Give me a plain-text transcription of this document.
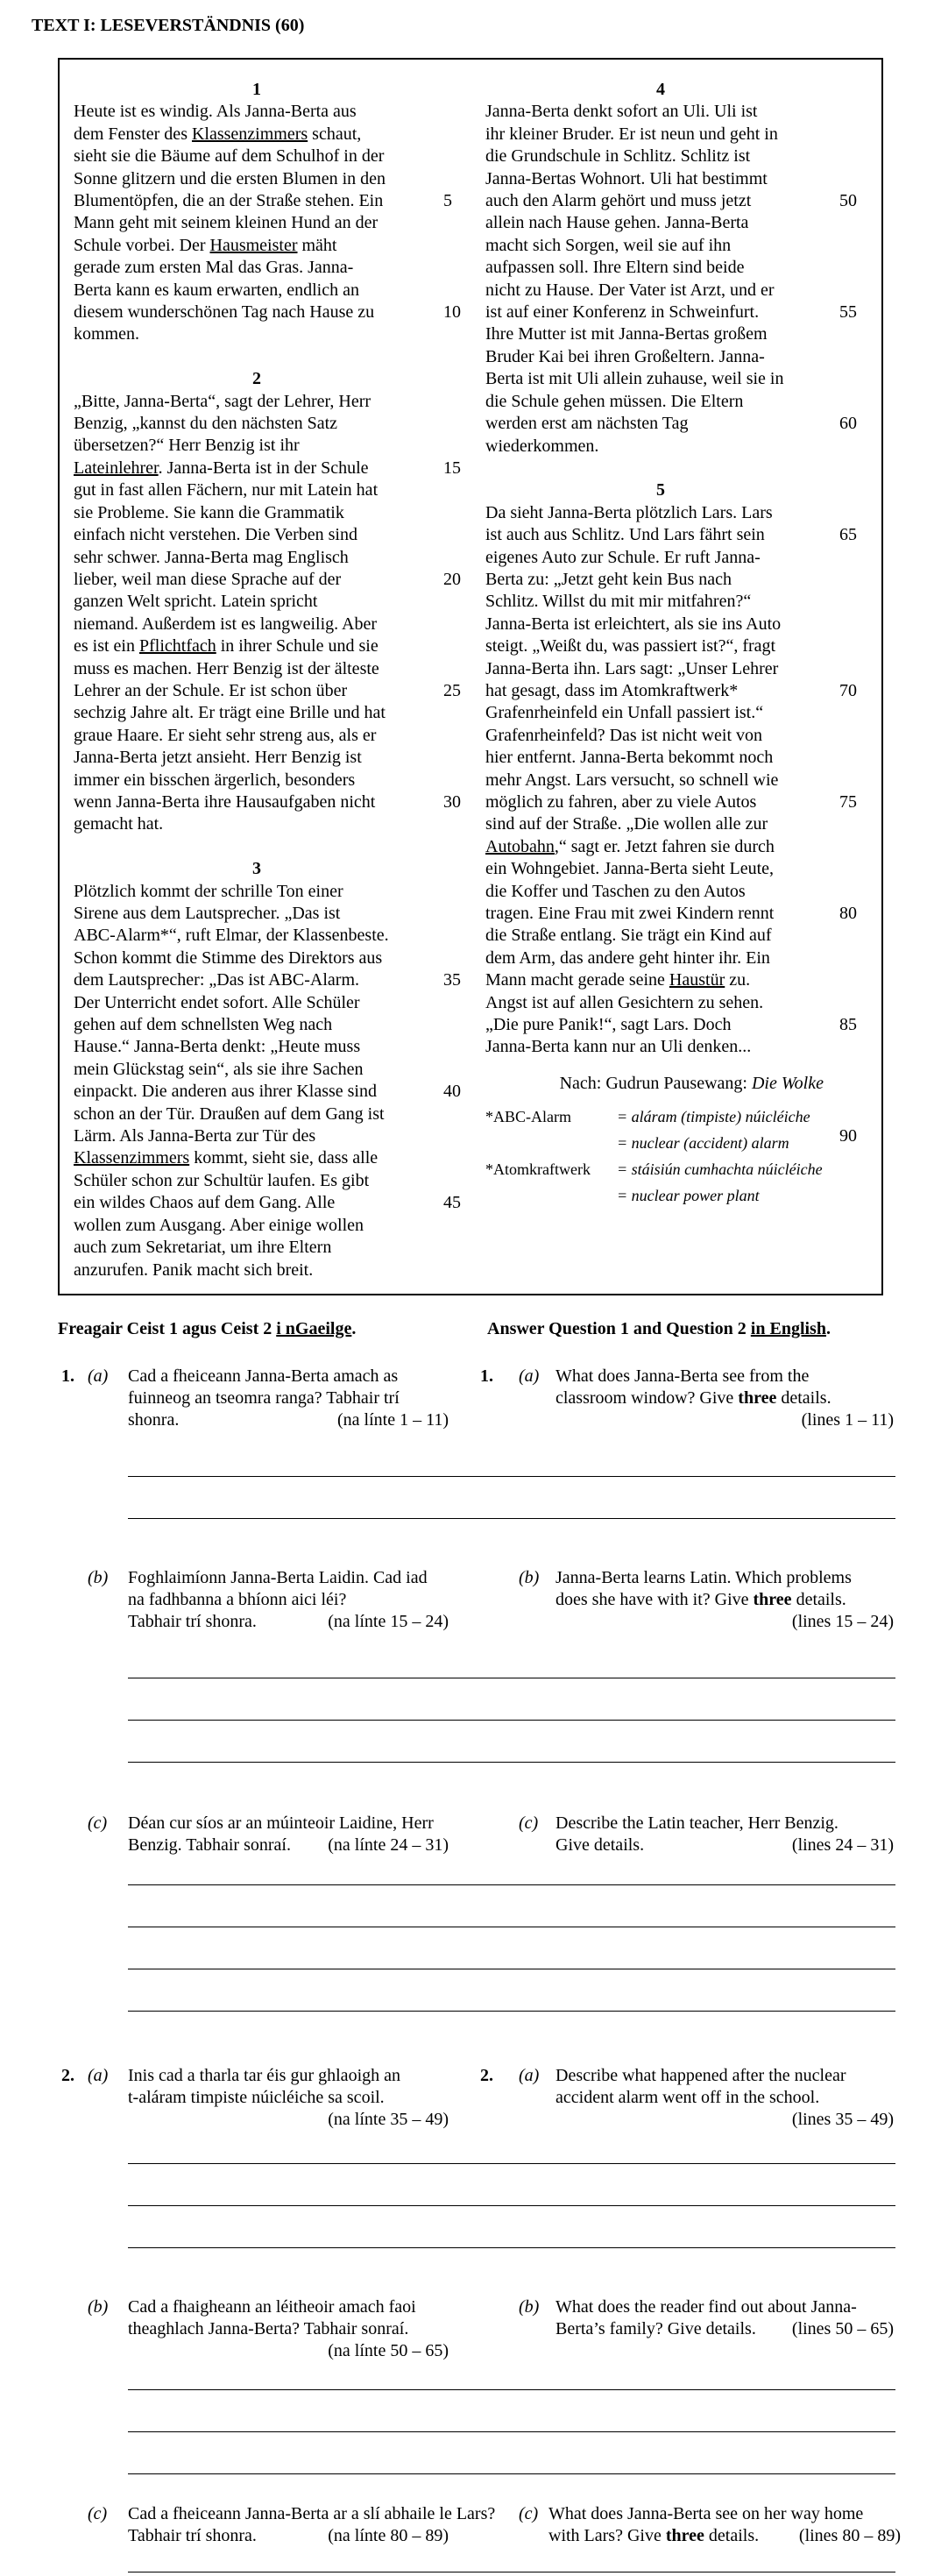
TEXT I: LESEVERSTÄNDNIS (60)
1
Heute ist es windig. Als Janna-Berta aus
dem Fenster des Klassenzimmers schaut,
sieht sie die Bäume auf dem Schulhof in der
Sonne glitzern und die ersten Blumen in den
Blumentöpfen, die an der Straße stehen. Ein
Mann geht mit seinem kleinen Hund an der
Schule vorbei. Der Hausmeister mäht
gerade zum ersten Mal das Gras. Janna-
Berta kann es kaum erwarten, endlich an
diesem wunderschönen Tag nach Hause zu
kommen.
2
„Bitte, Janna-Berta“, sagt der Lehrer, Herr
Benzig, „kannst du den nächsten Satz
übersetzen?“ Herr Benzig ist ihr
Lateinlehrer. Janna-Berta ist in der Schule
gut in fast allen Fächern, nur mit Latein hat
sie Probleme. Sie kann die Grammatik
einfach nicht verstehen. Die Verben sind
sehr schwer. Janna-Berta mag Englisch
lieber, weil man diese Sprache auf der
ganzen Welt spricht. Latein spricht
niemand. Außerdem ist es langweilig. Aber
es ist ein Pflichtfach in ihrer Schule und sie
muss es machen. Herr Benzig ist der älteste
Lehrer an der Schule. Er ist schon über
sechzig Jahre alt. Er trägt eine Brille und hat
graue Haare. Er sieht sehr streng aus, als er
Janna-Berta jetzt ansieht. Herr Benzig ist
immer ein bisschen ärgerlich, besonders
wenn Janna-Berta ihre Hausaufgaben nicht
gemacht hat.
3
Plötzlich kommt der schrille Ton einer
Sirene aus dem Lautsprecher. „Das ist
ABC-Alarm*“, ruft Elmar, der Klassenbeste.
Schon kommt die Stimme des Direktors aus
dem Lautsprecher: „Das ist ABC-Alarm.
Der Unterricht endet sofort. Alle Schüler
gehen auf dem schnellsten Weg nach
Hause.“ Janna-Berta denkt: „Heute muss
mein Glückstag sein“, als sie ihre Sachen
einpackt. Die anderen aus ihrer Klasse sind
schon an der Tür. Draußen auf dem Gang ist
Lärm. Als Janna-Berta zur Tür des
Klassenzimmers kommt, sieht sie, dass alle
Schüler schon zur Schultür laufen. Es gibt
ein wildes Chaos auf dem Gang. Alle
wollen zum Ausgang. Aber einige wollen
auch zum Sekretariat, um ihre Eltern
anzurufen. Panik macht sich breit.
4
Janna-Berta denkt sofort an Uli. Uli ist
ihr kleiner Bruder. Er ist neun und geht in
die Grundschule in Schlitz. Schlitz ist
Janna-Bertas Wohnort. Uli hat bestimmt
auch den Alarm gehört und muss jetzt
allein nach Hause gehen. Janna-Berta
macht sich Sorgen, weil sie auf ihn
aufpassen soll. Ihre Eltern sind beide
nicht zu Hause. Der Vater ist Arzt, und er
ist auf einer Konferenz in Schweinfurt.
Ihre Mutter ist mit Janna-Bertas großem
Bruder Kai bei ihren Großeltern. Janna-
Berta ist mit Uli allein zuhause, weil sie in
die Schule gehen müssen. Die Eltern
werden erst am nächsten Tag
wiederkommen.
5
Da sieht Janna-Berta plötzlich Lars. Lars
ist auch aus Schlitz. Und Lars fährt sein
eigenes Auto zur Schule. Er ruft Janna-
Berta zu: „Jetzt geht kein Bus nach
Schlitz. Willst du mit mir mitfahren?“
Janna-Berta ist erleichtert, als sie ins Auto
steigt. „Weißt du, was passiert ist?“, fragt
Janna-Berta ihn. Lars sagt: „Unser Lehrer
hat gesagt, dass im Atomkraftwerk*
Grafenrheinfeld ein Unfall passiert ist.“
Grafenrheinfeld? Das ist nicht weit von
hier entfernt. Janna-Berta bekommt noch
mehr Angst. Lars versucht, so schnell wie
möglich zu fahren, aber zu viele Autos
sind auf der Straße. „Die wollen alle zur
Autobahn,“ sagt er. Jetzt fahren sie durch
ein Wohngebiet. Janna-Berta sieht Leute,
die Koffer und Taschen zu den Autos
tragen. Eine Frau mit zwei Kindern rennt
die Straße entlang. Sie trägt ein Kind auf
dem Arm, das andere geht hinter ihr. Ein
Mann macht gerade seine Haustür zu.
Angst ist auf allen Gesichtern zu sehen.
„Die pure Panik!“, sagt Lars. Doch
Janna-Berta kann nur an Uli denken...
Nach: Gudrun Pausewang: Die Wolke
*ABC-Alarm	= aláram (timpiste) núicléiche
= nuclear (accident) alarm
*Atomkraftwerk	= stáisiún cumhachta núicléiche
= nuclear power plant
5
10
15
20
25
30
35
40
45
50
55
60
65
70
75
80
85
90
Freagair Ceist 1 agus Ceist 2 i nGaeilge.	Answer Question 1 and Question 2 in English.
1.	1.
(a)	(a)
Cad a fheiceann Janna-Berta amach as
fuinneog an tseomra ranga? Tabhair trí
shonra.	(na línte 1 – 11)
What does Janna-Berta see from the
classroom window? Give three details.
(lines 1 – 11)
(b)	(b)
Foghlaimíonn Janna-Berta Laidin. Cad iad
na fadhbanna a bhíonn aici léi?
Tabhair trí shonra.	(na línte 15 – 24)
Janna-Berta learns Latin. Which problems
does she have with it? Give three details.
(lines 15 – 24)
(c)	(c)
Déan cur síos ar an múinteoir Laidine, Herr
Benzig. Tabhair sonraí.	(na línte 24 – 31)
Describe the Latin teacher, Herr Benzig.
Give details.	(lines 24 – 31)
2.	2.
(a)	(a)
Inis cad a tharla tar éis gur ghlaoigh an
t-aláram timpiste núicléiche sa scoil.
(na línte 35 – 49)
Describe what happened after the nuclear
accident alarm went off in the school.
(lines 35 – 49)
(b)	(b)
Cad a fhaigheann an léitheoir amach faoi
theaghlach Janna-Berta? Tabhair sonraí.
(na línte 50 – 65)
What does the reader find out about Janna-
Berta’s family? Give details.	(lines 50 – 65)
(c)	(c)
Cad a fheiceann Janna-Berta ar a slí abhaile le Lars?
Tabhair trí shonra.	(na línte 80 – 89)
What does Janna-Berta see on her way home
with Lars? Give three details.	(lines 80 – 89)
